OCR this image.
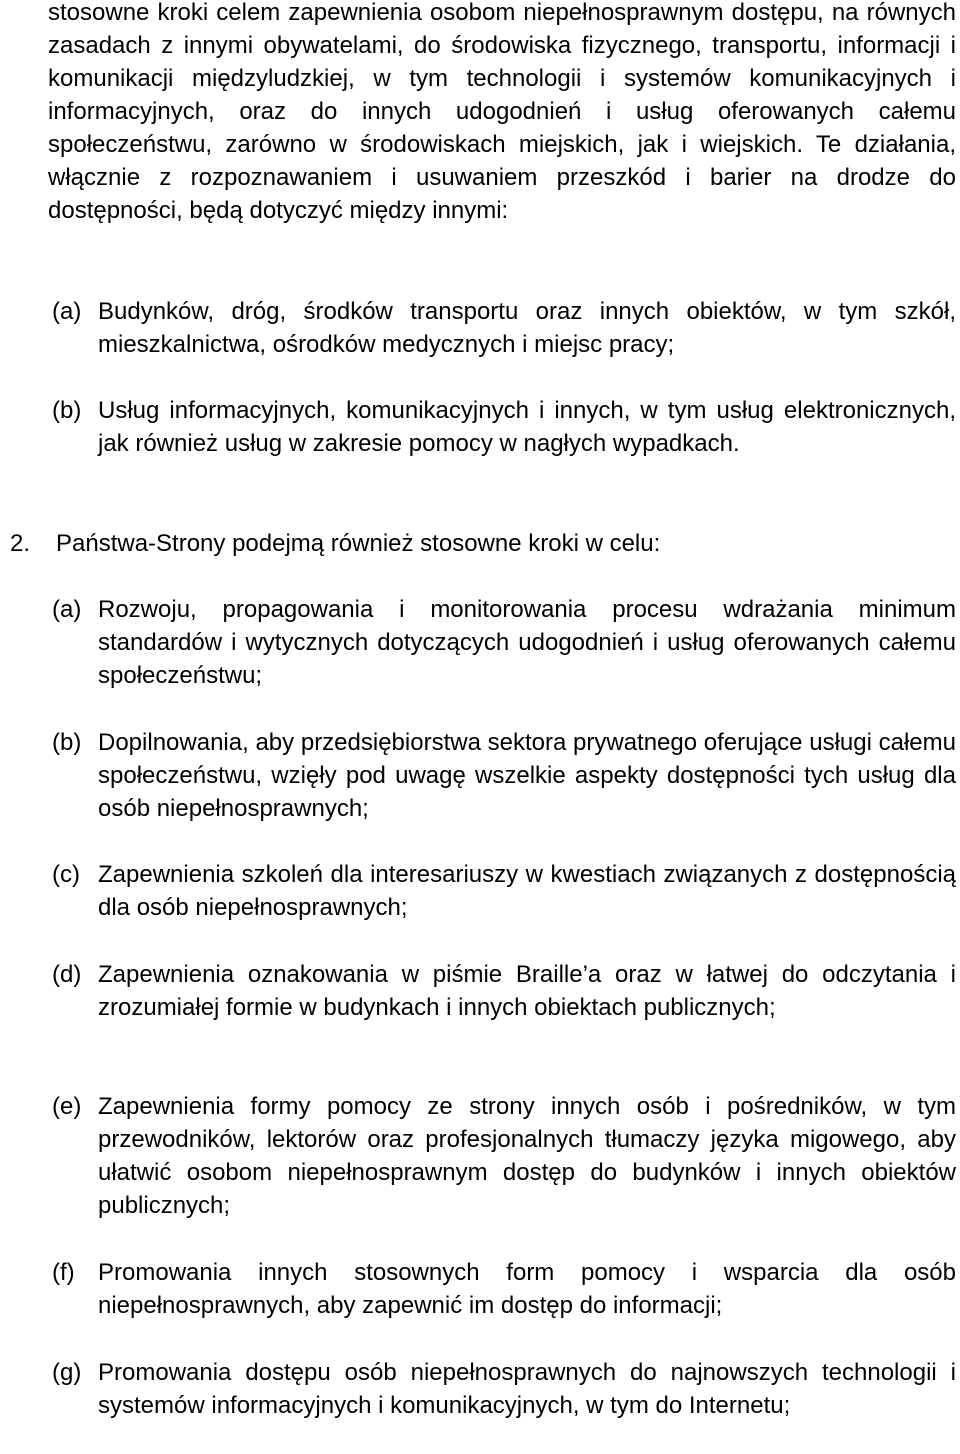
stosowne kroki celem zapewnienia osobom niepełnosprawnym dostępu, na równych zasadach z innymi obywatelami, do środowiska fizycznego, transportu, informacji i komunikacji międzyludzkiej, w tym technologii i systemów komunikacyjnych i informacyjnych, oraz do innych udogodnień i usług oferowanych całemu społeczeństwu, zarówno w środowiskach miejskich, jak i wiejskich. Te działania, włącznie z rozpoznawaniem i usuwaniem przeszkód i barier na drodze do dostępności, będą dotyczyć między innymi:

(a) Budynków, dróg, środków transportu oraz innych obiektów, w tym szkół, mieszkalnictwa, ośrodków medycznych i miejsc pracy;
(b) Usług informacyjnych, komunikacyjnych i innych, w tym usług elektronicznych, jak również usług w zakresie pomocy w nagłych wypadkach.
2.	Państwa-Strony podejmą również stosowne kroki w celu:
(a) Rozwoju, propagowania i monitorowania procesu wdrażania minimum standardów i wytycznych dotyczących udogodnień i usług oferowanych całemu społeczeństwu;
(b) Dopilnowania, aby przedsiębiorstwa sektora prywatnego oferujące usługi całemu społeczeństwu, wzięły pod uwagę wszelkie aspekty dostępności tych usług dla osób niepełnosprawnych;
(c) Zapewnienia szkoleń dla interesariuszy w kwestiach związanych z dostępnością dla osób niepełnosprawnych;
(d) Zapewnienia oznakowania w piśmie Braille’a oraz w łatwej do odczytania i zrozumiałej formie w budynkach i innych obiektach publicznych;
(e) Zapewnienia formy pomocy ze strony innych osób i pośredników, w tym przewodników, lektorów oraz profesjonalnych tłumaczy języka migowego, aby ułatwić osobom niepełnosprawnym dostęp do budynków i innych obiektów publicznych;
(f) Promowania innych stosownych form pomocy i wsparcia dla osób niepełnosprawnych, aby zapewnić im dostęp do informacji;
(g) Promowania dostępu osób niepełnosprawnych do najnowszych technologii i systemów informacyjnych i komunikacyjnych, w tym do Internetu;
